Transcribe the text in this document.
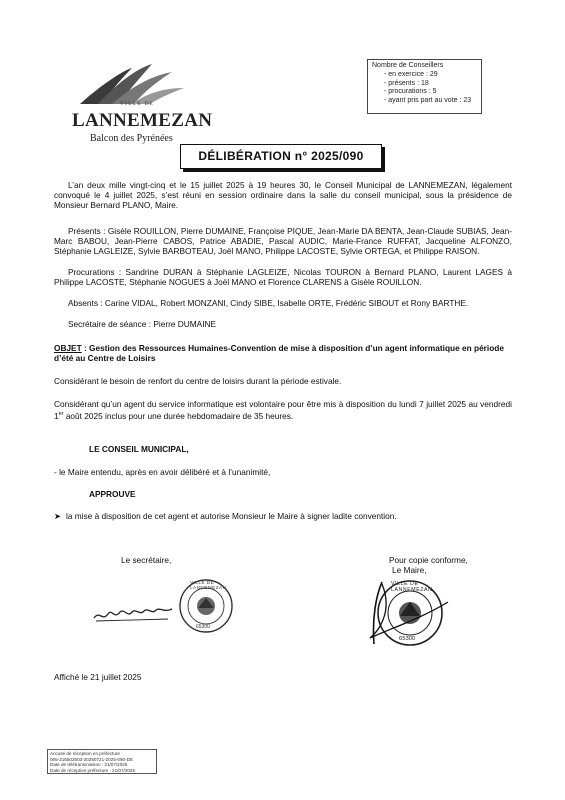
VILLE DE
LANNEMEZAN
Balcon des Pyrénées
Nombre de Conseillers
- en exercice : 29
- présents : 18
- procurations : 5
- ayant pris part au vote : 23
DÉLIBÉRATION n° 2025/090
L’an deux mille vingt-cinq et le 15 juillet 2025 à 19 heures 30, le Conseil Municipal de LANNEMEZAN, légalement convoqué le 4 juillet 2025, s’est réuni en session ordinaire dans la salle du conseil municipal, sous la présidence de Monsieur Bernard PLANO, Maire.
Présents : Gisèle ROUILLON, Pierre DUMAINE, Françoise PIQUE, Jean-Marie DA BENTA, Jean-Claude SUBIAS, Jean-Marc BABOU, Jean-Pierre CABOS, Patrice ABADIE, Pascal AUDIC, Marie-France RUFFAT, Jacqueline ALFONZO, Stéphanie LAGLEIZE, Sylvie BARBOTEAU, Joël MANO, Philippe LACOSTE, Sylvie ORTEGA, et Philippe RAISON.
Procurations : Sandrine DURAN à Stéphanie LAGLEIZE, Nicolas TOURON à Bernard PLANO, Laurent LAGES à Philippe LACOSTE, Stéphanie NOGUES à Joël MANO et Florence CLARENS à Gisèle ROUILLON.
Absents : Carine VIDAL, Robert MONZANI, Cindy SIBE, Isabelle ORTE, Frédéric SIBOUT et Rony BARTHE.
Secrétaire de séance : Pierre DUMAINE
OBJET : Gestion des Ressources Humaines-Convention de mise à disposition d’un agent informatique en période d’été au Centre de Loisirs
Considérant le besoin de renfort du centre de loisirs durant la période estivale.
Considérant qu’un agent du service informatique est volontaire pour être mis à disposition du lundi 7 juillet 2025 au vendredi 1er août 2025 inclus pour une durée hebdomadaire de 35 heures.
LE CONSEIL MUNICIPAL,
- le Maire entendu, après en avoir délibéré et à l’unanimité,
APPROUVE
➤ la mise à disposition de cet agent et autorise Monsieur le Maire à signer ladite convention.
Le secrétaire,	Pour copie conforme,
Le Maire,
VILLE DE LANNEMEZAN
65300
VILLE DE LANNEMEZAN
65300
Affiché le 21 juillet 2025
Accusé de réception en préfecture
065-216502503-20250721-2025-090-DE
Date de télétransmission : 21/07/2025
Date de réception préfecture : 21/07/2025
